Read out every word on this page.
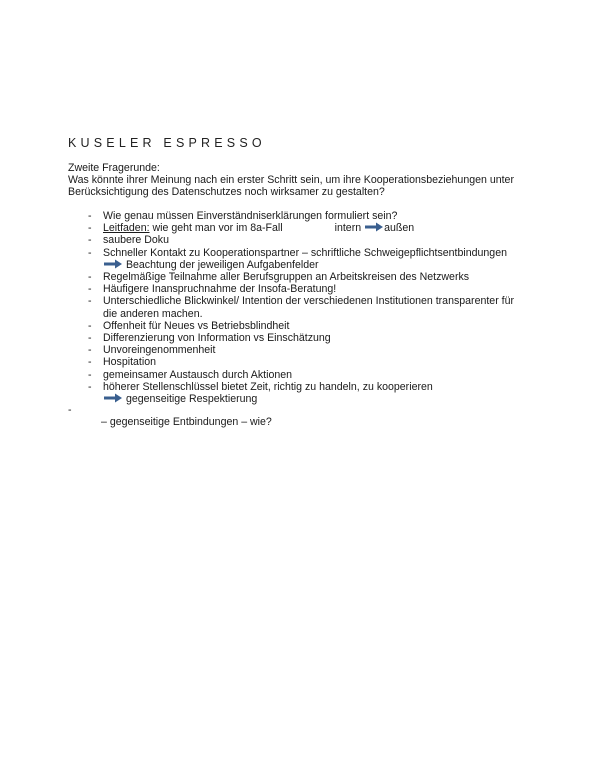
KUSELER ESPRESSO
Zweite Fragerunde:
Was könnte ihrer Meinung nach ein erster Schritt sein, um ihre Kooperationsbeziehungen unter
Berücksichtigung des Datenschutzes noch wirksamer zu gestalten?
- Wie genau müssen Einverständniserklärungen formuliert sein?
- Leitfaden: wie geht man vor im 8a-Fall	intern außen
- saubere Doku
- Schneller Kontakt zu Kooperationspartner – schriftliche Schweigepflichtsentbindungen
Beachtung der jeweiligen Aufgabenfelder
- Regelmäßige Teilnahme aller Berufsgruppen an Arbeitskreisen des Netzwerks
- Häufigere Inanspruchnahme der Insofa-Beratung!
- Unterschiedliche Blickwinkel/ Intention der verschiedenen Institutionen transparenter für
die anderen machen.
- Offenheit für Neues vs Betriebsblindheit
- Differenzierung von Information vs Einschätzung
- Unvoreingenommenheit
- Hospitation
- gemeinsamer Austausch durch Aktionen
- höherer Stellenschlüssel bietet Zeit, richtig zu handeln, zu kooperieren
gegenseitige Respektierung
-
– gegenseitige Entbindungen – wie?
